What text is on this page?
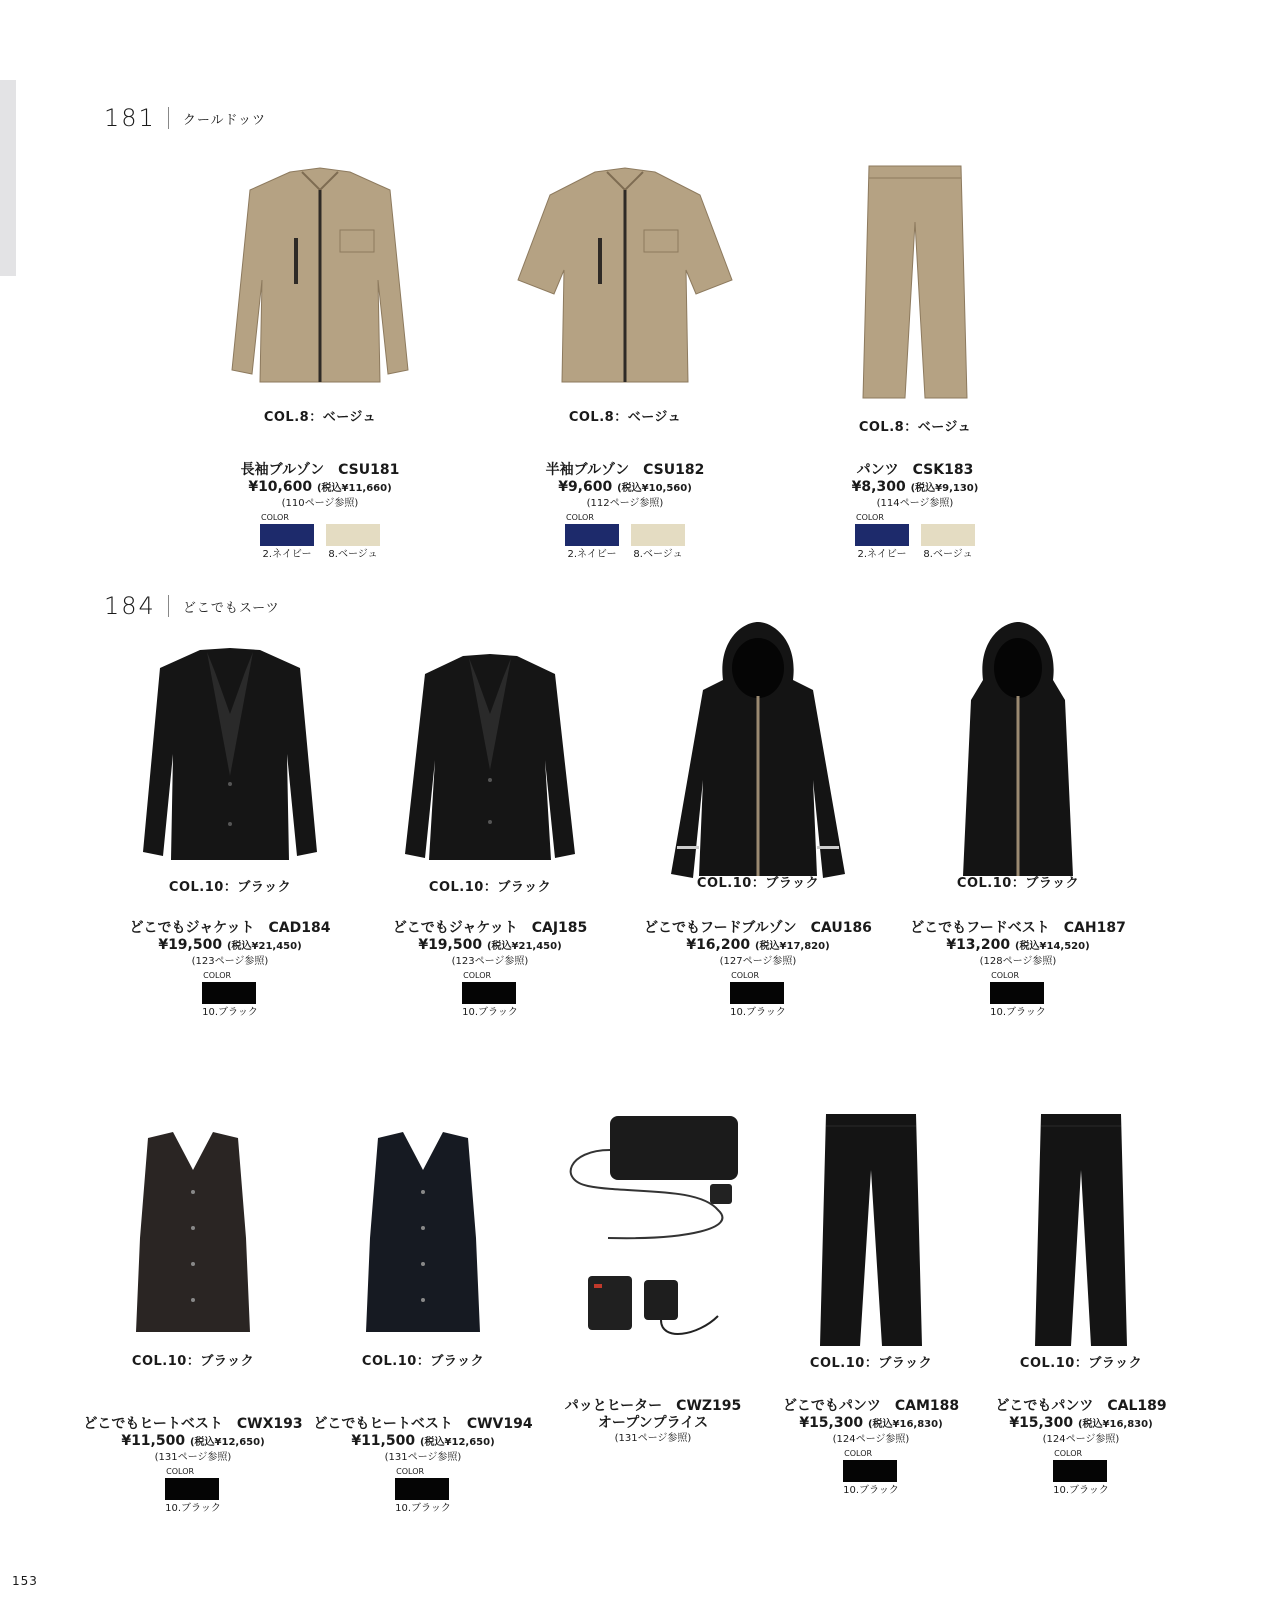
181 クールドッツ
184 どこでもスーツ
COL.8：ベージュ
長袖ブルゾン CSU181
¥10,600 (税込¥11,660)
(110ページ参照)
COLOR
2.ネイビー 8.ベージュ
COL.8：ベージュ
半袖ブルゾン CSU182
¥9,600 (税込¥10,560)
(112ページ参照)
COLOR
2.ネイビー 8.ベージュ
COL.8：ベージュ
パンツ CSK183
¥8,300 (税込¥9,130)
(114ページ参照)
COLOR
2.ネイビー 8.ベージュ
COL.10：ブラック
どこでもジャケット CAD184
¥19,500 (税込¥21,450)
(123ページ参照)
COLOR
10.ブラック
COL.10：ブラック
どこでもジャケット CAJ185
¥19,500 (税込¥21,450)
(123ページ参照)
COLOR
10.ブラック
COL.10：ブラック
どこでもフードブルゾン CAU186
¥16,200 (税込¥17,820)
(127ページ参照)
COLOR
10.ブラック
COL.10：ブラック
どこでもフードベスト CAH187
¥13,200 (税込¥14,520)
(128ページ参照)
COLOR
10.ブラック
COL.10：ブラック
どこでもヒートベスト CWX193
¥11,500 (税込¥12,650)
(131ページ参照)
COLOR
10.ブラック
COL.10：ブラック
どこでもヒートベスト CWV194
¥11,500 (税込¥12,650)
(131ページ参照)
COLOR
10.ブラック
パッとヒーター CWZ195
オープンプライス
(131ページ参照)
COL.10：ブラック
どこでもパンツ CAM188
¥15,300 (税込¥16,830)
(124ページ参照)
COLOR
10.ブラック
COL.10：ブラック
どこでもパンツ CAL189
¥15,300 (税込¥16,830)
(124ページ参照)
COLOR
10.ブラック
153
